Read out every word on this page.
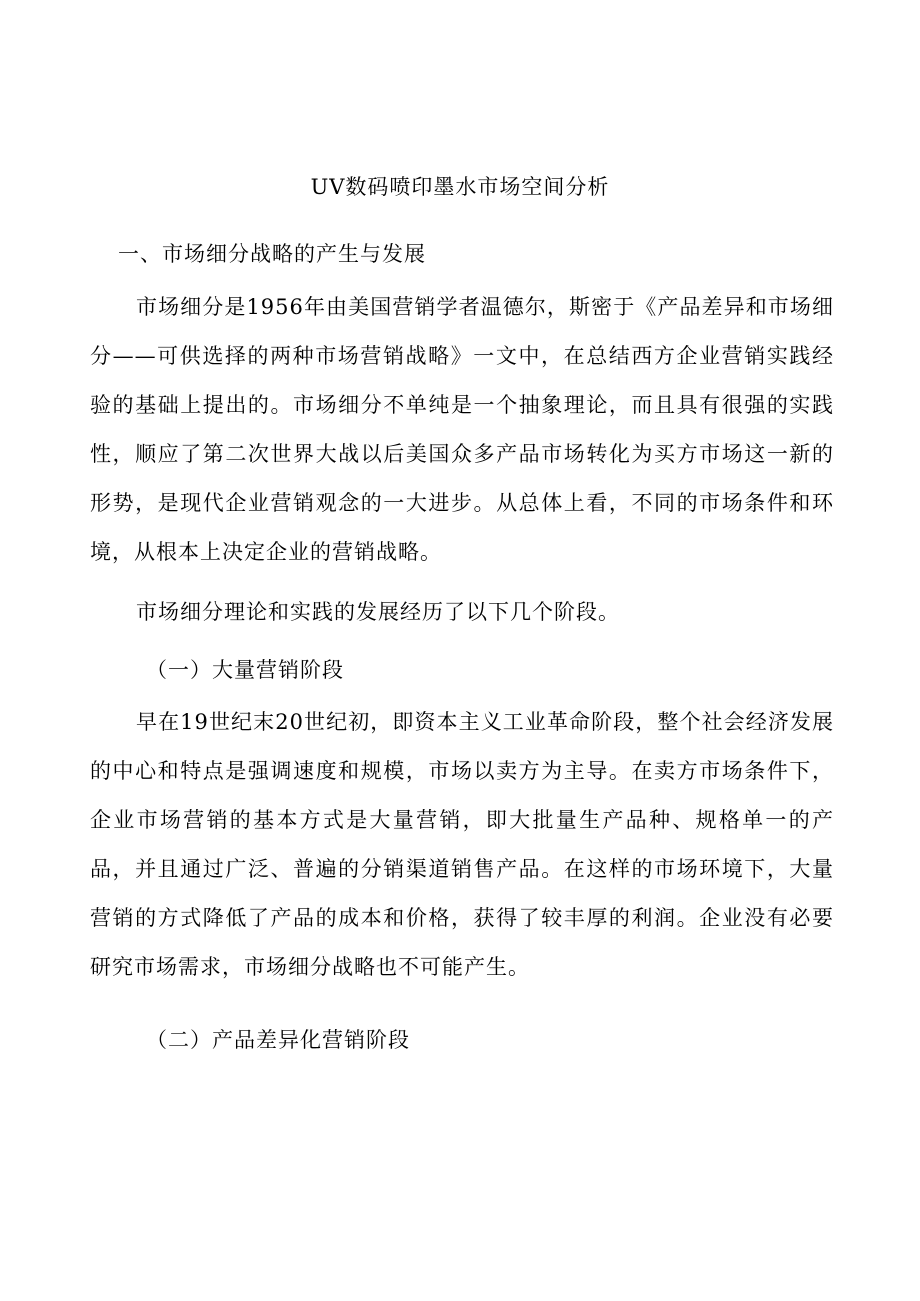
UV数码喷印墨水市场空间分析

一、市场细分战略的产生与发展

市场细分是1956年由美国营销学者温德尔，斯密于《产品差异和市场细分——可供选择的两种市场营销战略》一文中，在总结西方企业营销实践经验的基础上提出的。市场细分不单纯是一个抽象理论，而且具有很强的实践性，顺应了第二次世界大战以后美国众多产品市场转化为买方市场这一新的形势，是现代企业营销观念的一大进步。从总体上看，不同的市场条件和环境，从根本上决定企业的营销战略。

市场细分理论和实践的发展经历了以下几个阶段。

（一）大量营销阶段

早在19世纪末20世纪初，即资本主义工业革命阶段，整个社会经济发展的中心和特点是强调速度和规模，市场以卖方为主导。在卖方市场条件下，企业市场营销的基本方式是大量营销，即大批量生产品种、规格单一的产品，并且通过广泛、普遍的分销渠道销售产品。在这样的市场环境下，大量营销的方式降低了产品的成本和价格，获得了较丰厚的利润。企业没有必要研究市场需求，市场细分战略也不可能产生。

（二）产品差异化营销阶段
